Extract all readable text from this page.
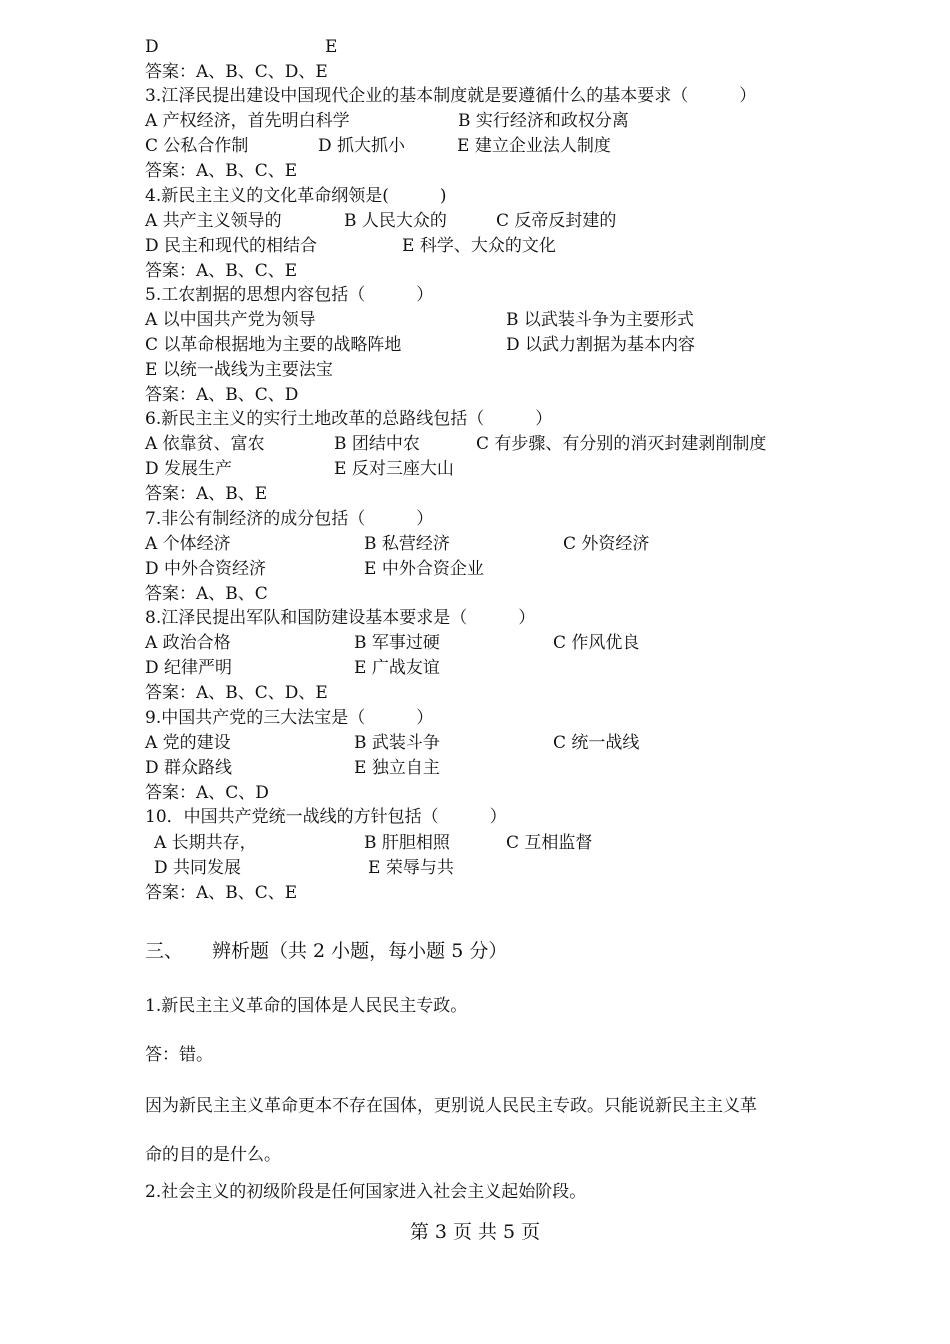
D	E
答案：A、B、C、D、E
3.江泽民提出建设中国现代企业的基本制度就是要遵循什么的基本要求（　　　）
A 产权经济，首先明白科学	B 实行经济和政权分离
C 公私合作制	D 抓大抓小	E 建立企业法人制度
答案：A、B、C、E
4.新民主主义的文化革命纲领是(　　　)
A 共产主义领导的	B 人民大众的	C 反帝反封建的
D 民主和现代的相结合	E 科学、大众的文化
答案：A、B、C、E
5.工农割据的思想内容包括（　　　）
A 以中国共产党为领导	B 以武装斗争为主要形式
C 以革命根据地为主要的战略阵地	D 以武力割据为基本内容
E 以统一战线为主要法宝
答案：A、B、C、D
6.新民主主义的实行土地改革的总路线包括（　　　）
A 依靠贫、富农	B 团结中农	C 有步骤、有分别的消灭封建剥削制度
D 发展生产	E 反对三座大山
答案：A、B、E
7.非公有制经济的成分包括（　　　）
A 个体经济	B 私营经济	C 外资经济
D 中外合资经济	E 中外合资企业
答案：A、B、C
8.江泽民提出军队和国防建设基本要求是（　　　）
A 政治合格	B 军事过硬	C 作风优良
D 纪律严明	E 广战友谊
答案：A、B、C、D、E
9.中国共产党的三大法宝是（　　　）
A 党的建设	B 武装斗争	C 统一战线
D 群众路线	E 独立自主
答案：A、C、D
10．中国共产党统一战线的方针包括（　　　）
A 长期共存，	B 肝胆相照	C 互相监督
D 共同发展	E 荣辱与共
答案：A、B、C、E
三、 辨析题（共 2 小题，每小题 5 分）
1.新民主主义革命的国体是人民民主专政。
答：错。
因为新民主主义革命更本不存在国体，更别说人民民主专政。只能说新民主主义革
命的目的是什么。
2.社会主义的初级阶段是任何国家进入社会主义起始阶段。
第 3 页 共 5 页
